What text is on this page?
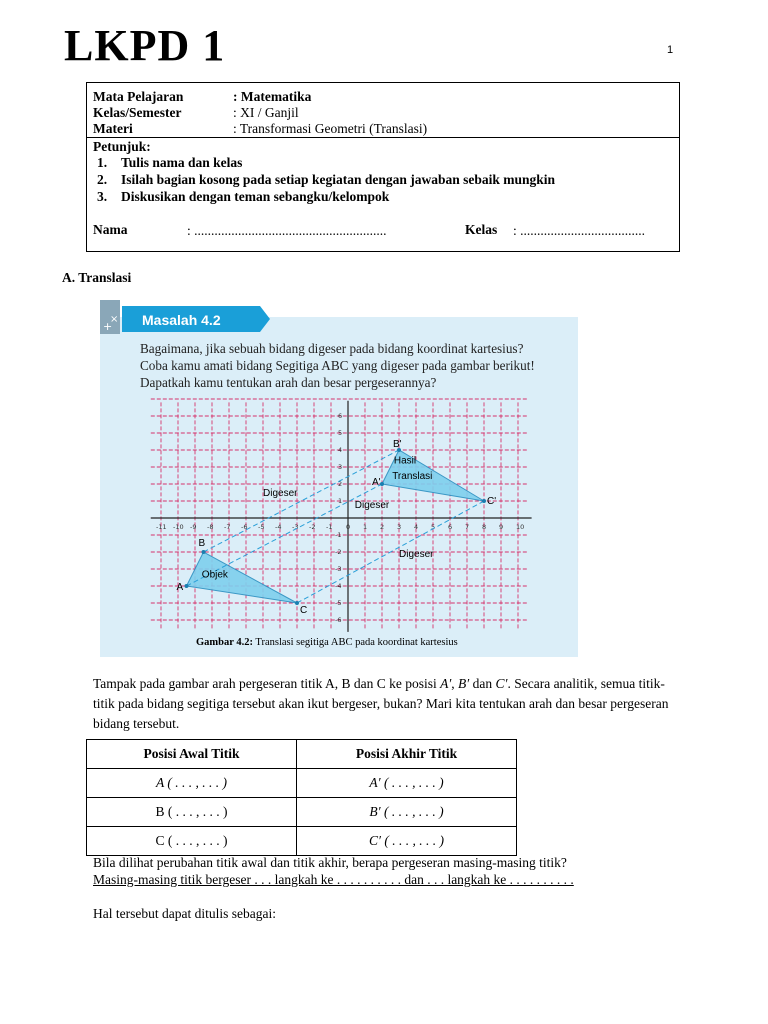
LKPD 1	1
Mata Pelajaran	: Matematika
Kelas/Semester	: XI / Ganjil
Materi	: Transformasi Geometri (Translasi)
Petunjuk:
1. Tulis nama dan kelas
2. Isilah bagian kosong pada setiap kegiatan dengan jawaban sebaik mungkin
3. Diskusikan dengan teman sebangku/kelompok
Nama	: .........................................................	Kelas : .....................................
A. Translasi
+
× Masalah 4.2
Bagaimana, jika sebuah bidang digeser pada bidang koordinat kartesius?
Coba kamu amati bidang Segitiga ABC yang digeser pada gambar berikut!
Dapatkah kamu tentukan arah dan besar pergeserannya?
-11 -10 -9 -8 -7 -6 -5 -4 -3 -2 -1 0 1 2 3 4 5 6 7 8 9 10
6
5
4
3
2
1
-1
-2
-3
-4
-5
-6
A
B
C
A'
B'
C'
Objek
Hasil
Translasi
Digeser
Digeser
Digeser
Gambar 4.2: Translasi segitiga ABC pada koordinat kartesius
Tampak pada gambar arah pergeseran titik A, B dan C ke posisi A′, B′ dan C′. Secara analitik, semua titik-titik pada bidang segitiga tersebut akan ikut bergeser, bukan? Mari kita tentukan arah dan besar pergeseran bidang tersebut.
Posisi Awal Titik	Posisi Akhir Titik
A ( . . . , . . . )	A′ ( . . . , . . . )
B ( . . . , . . . )	B′ ( . . . , . . . )
C ( . . . , . . . )	C′ ( . . . , . . . )
Bila dilihat perubahan titik awal dan titik akhir, berapa pergeseran masing-masing titik?
Masing-masing titik bergeser . . . langkah ke . . . . . . . . . . dan . . . langkah ke . . . . . . . . . .
Hal tersebut dapat ditulis sebagai:
